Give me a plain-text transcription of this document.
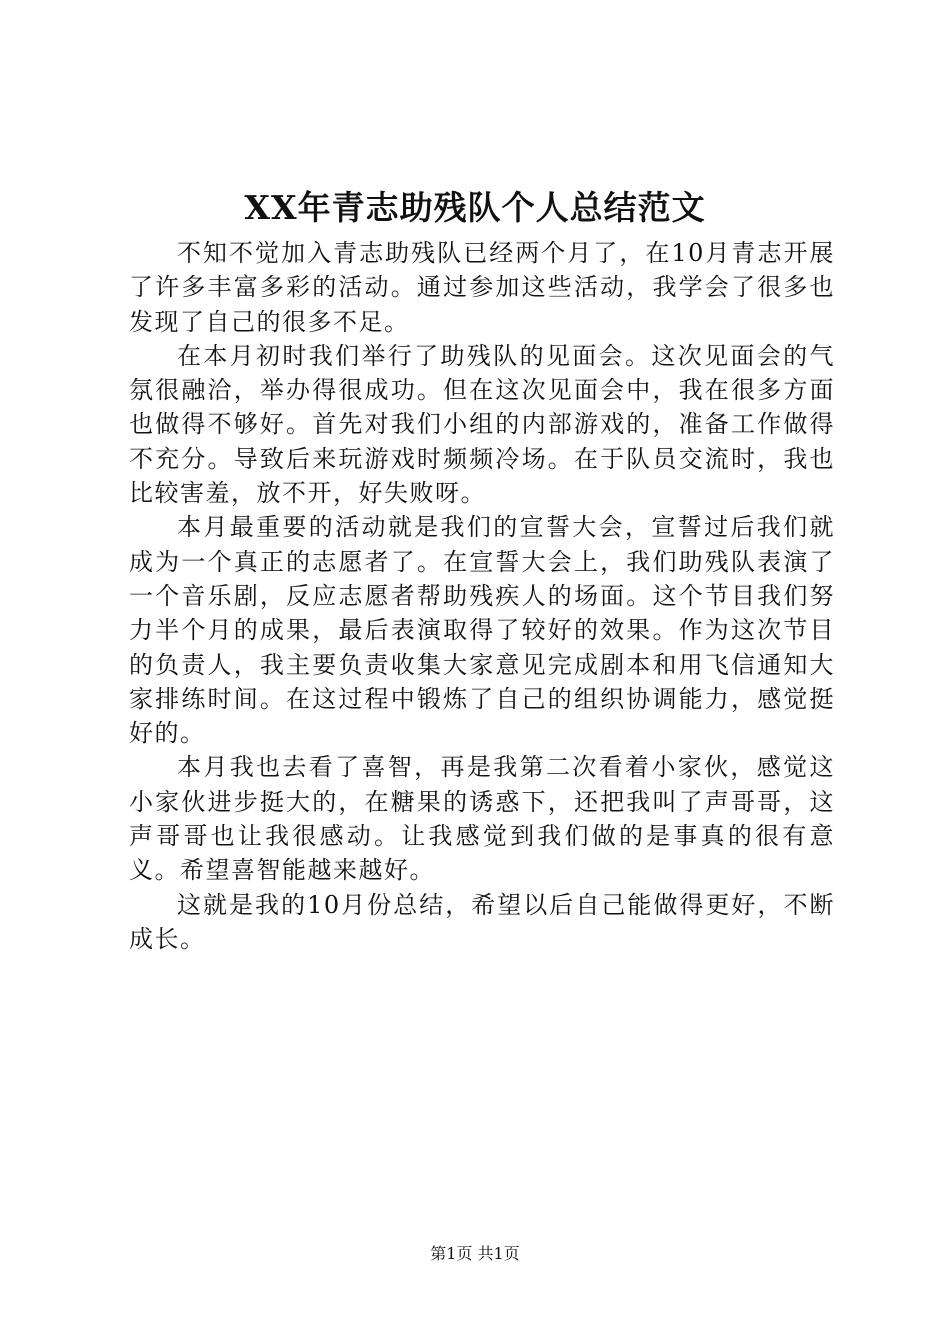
XX年青志助残队个人总结范文

不知不觉加入青志助残队已经两个月了，在10月青志开展了许多丰富多彩的活动。通过参加这些活动，我学会了很多也发现了自己的很多不足。

在本月初时我们举行了助残队的见面会。这次见面会的气氛很融洽，举办得很成功。但在这次见面会中，我在很多方面也做得不够好。首先对我们小组的内部游戏的，准备工作做得不充分。导致后来玩游戏时频频冷场。在于队员交流时，我也比较害羞，放不开，好失败呀。

本月最重要的活动就是我们的宣誓大会，宣誓过后我们就成为一个真正的志愿者了。在宣誓大会上，我们助残队表演了一个音乐剧，反应志愿者帮助残疾人的场面。这个节目我们努力半个月的成果，最后表演取得了较好的效果。作为这次节目的负责人，我主要负责收集大家意见完成剧本和用飞信通知大家排练时间。在这过程中锻炼了自己的组织协调能力，感觉挺好的。

本月我也去看了喜智，再是我第二次看着小家伙，感觉这小家伙进步挺大的，在糖果的诱惑下，还把我叫了声哥哥，这声哥哥也让我很感动。让我感觉到我们做的是事真的很有意义。希望喜智能越来越好。

这就是我的10月份总结，希望以后自己能做得更好，不断成长。

第1页 共1页
